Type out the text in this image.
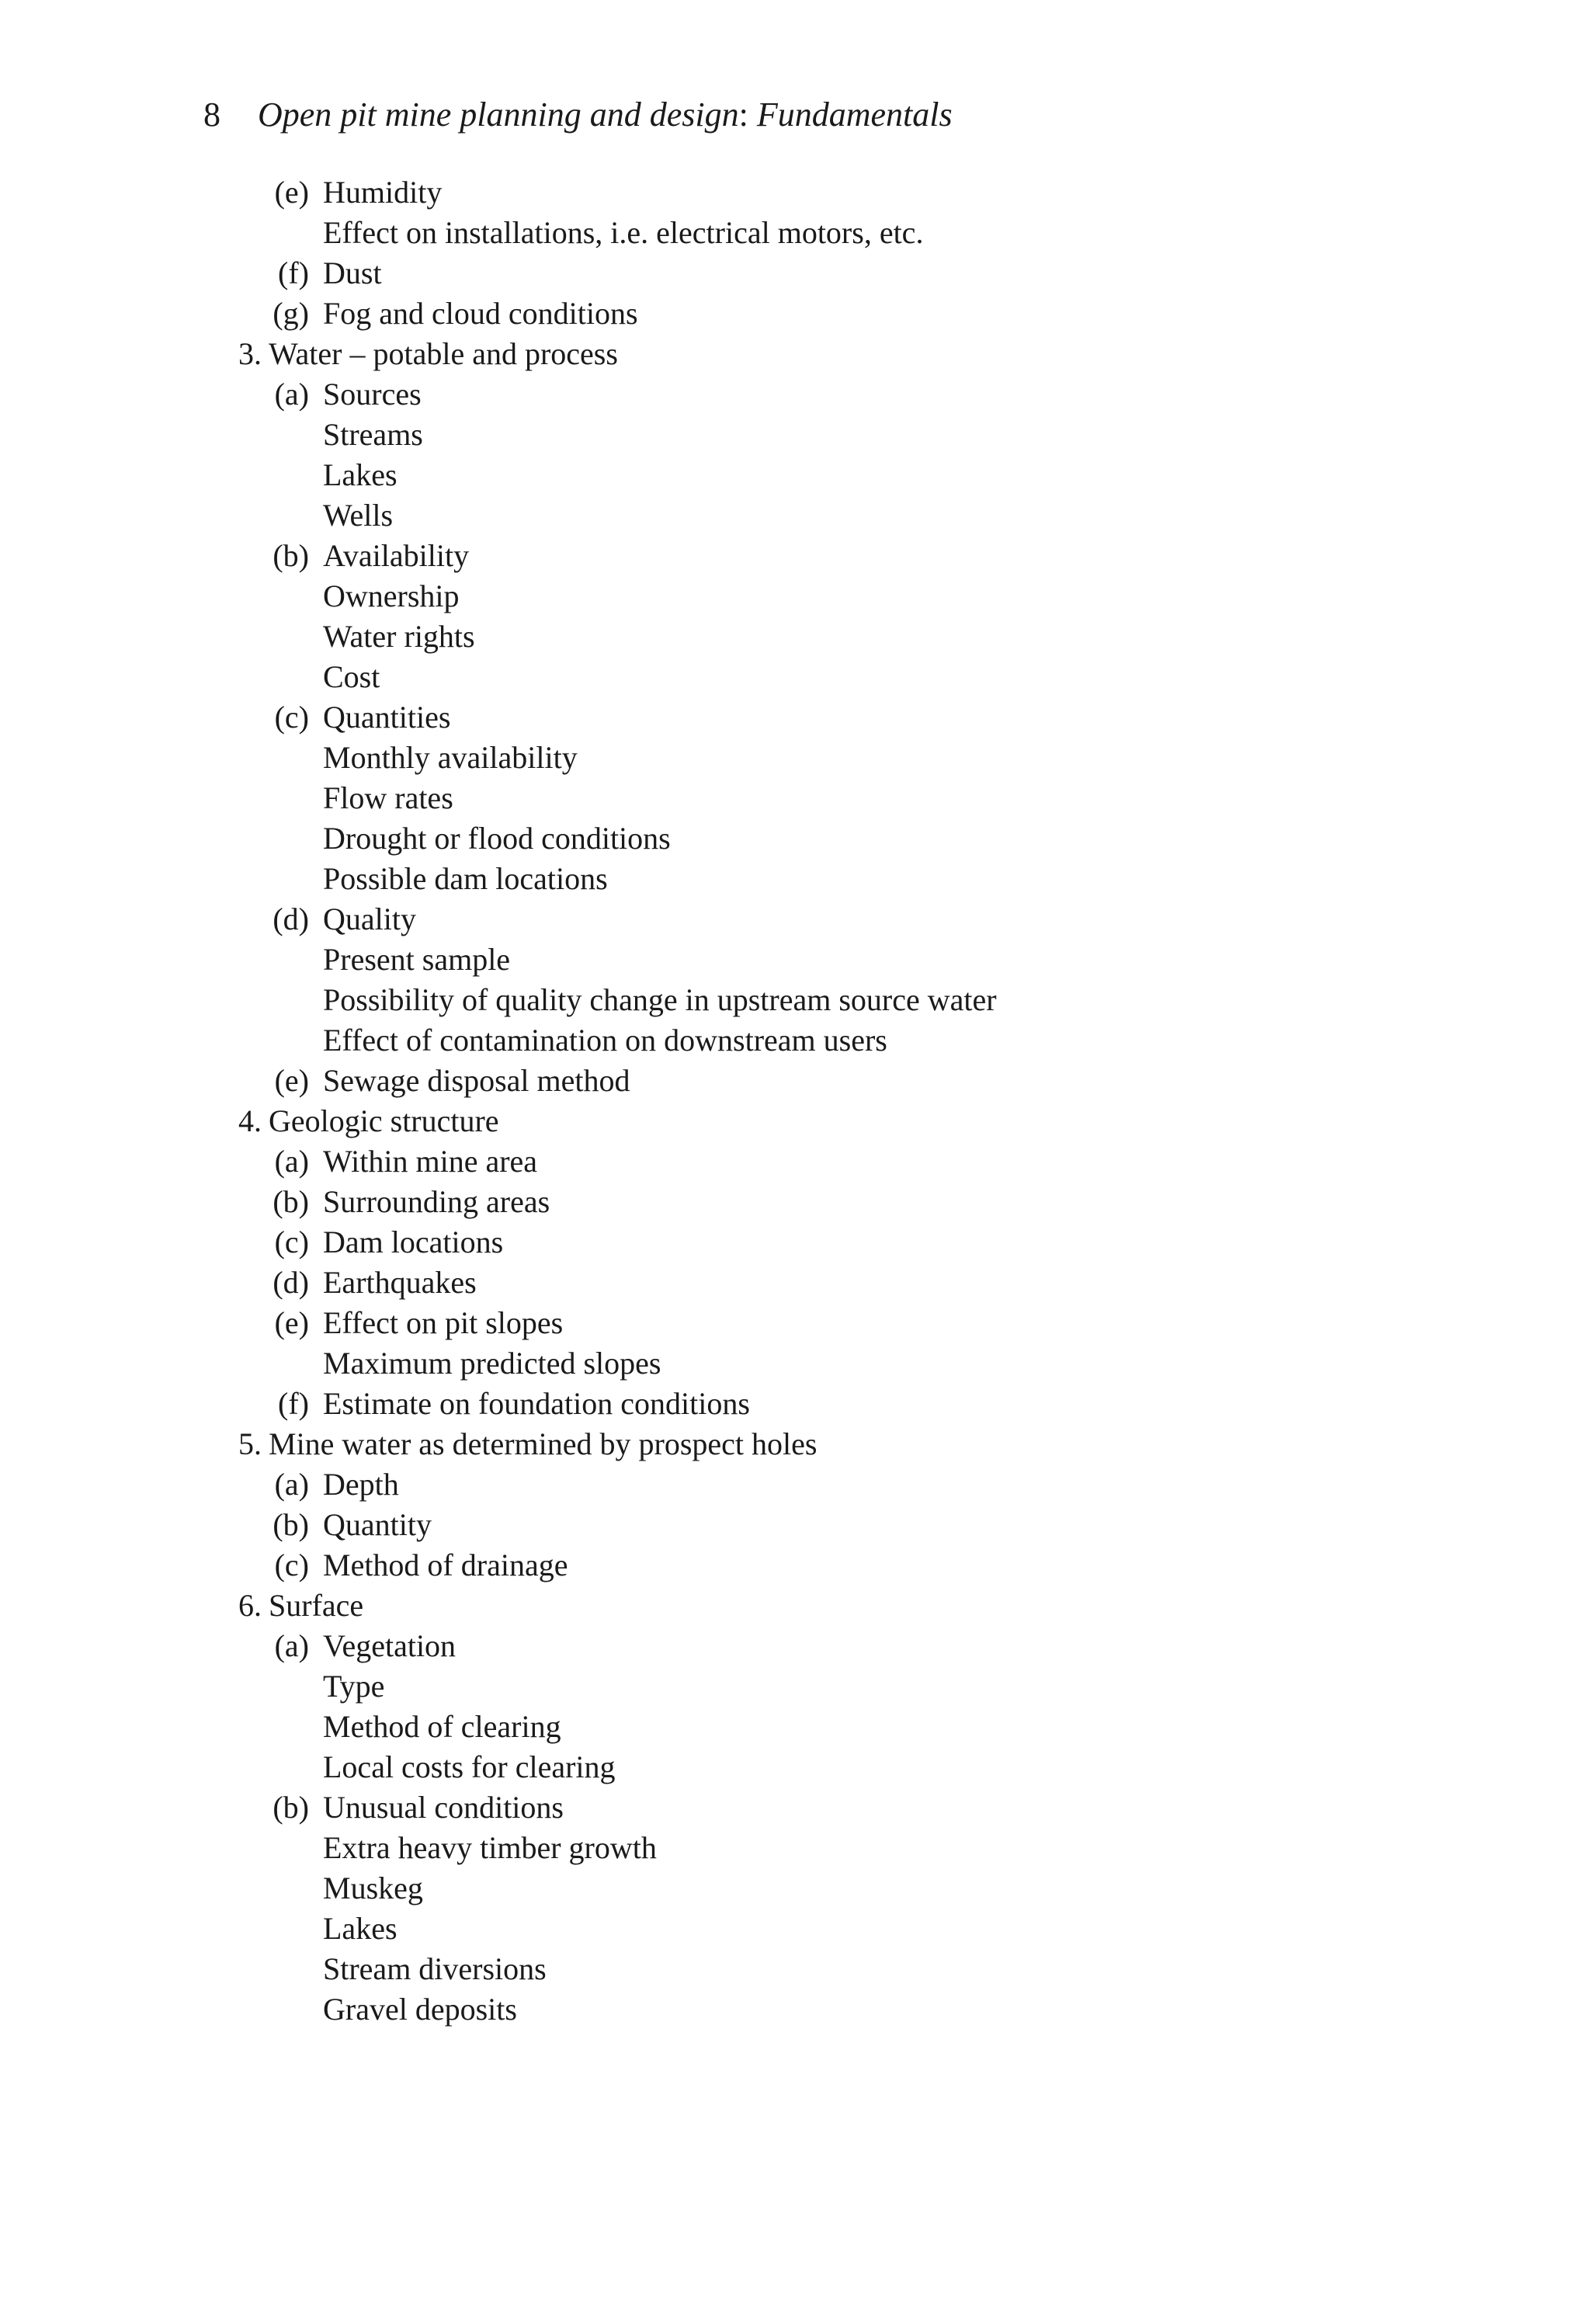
8 Open pit mine planning and design: Fundamentals
(e) Humidity
Effect on installations, i.e. electrical motors, etc.
(f) Dust
(g) Fog and cloud conditions
3. Water – potable and process
(a) Sources
Streams
Lakes
Wells
(b) Availability
Ownership
Water rights
Cost
(c) Quantities
Monthly availability
Flow rates
Drought or flood conditions
Possible dam locations
(d) Quality
Present sample
Possibility of quality change in upstream source water
Effect of contamination on downstream users
(e) Sewage disposal method
4. Geologic structure
(a) Within mine area
(b) Surrounding areas
(c) Dam locations
(d) Earthquakes
(e) Effect on pit slopes
Maximum predicted slopes
(f) Estimate on foundation conditions
5. Mine water as determined by prospect holes
(a) Depth
(b) Quantity
(c) Method of drainage
6. Surface
(a) Vegetation
Type
Method of clearing
Local costs for clearing
(b) Unusual conditions
Extra heavy timber growth
Muskeg
Lakes
Stream diversions
Gravel deposits
